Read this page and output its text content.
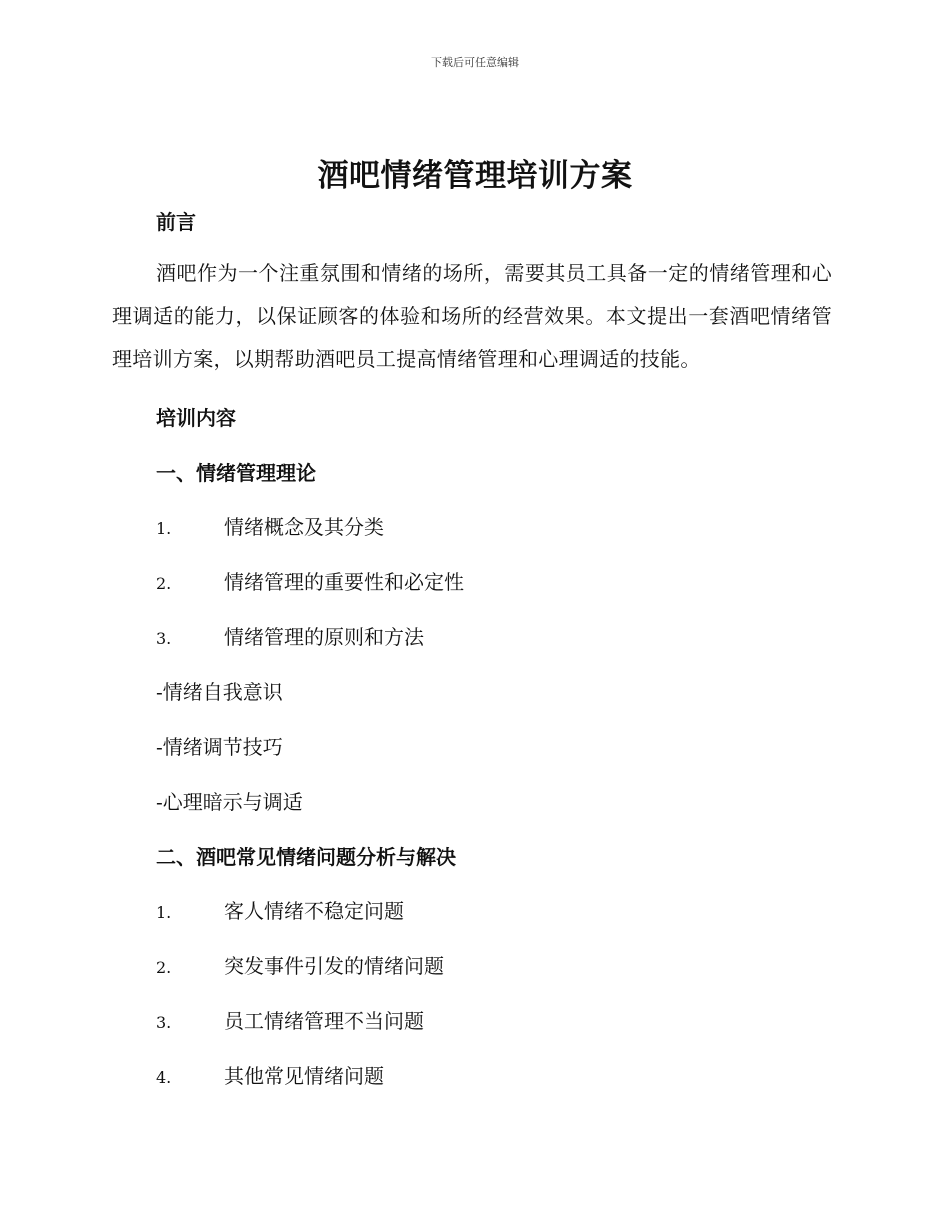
下载后可任意编辑
酒吧情绪管理培训方案
前言
酒吧作为一个注重氛围和情绪的场所，需要其员工具备一定的情绪管理和心理调适的能力，以保证顾客的体验和场所的经营效果。本文提出一套酒吧情绪管理培训方案，以期帮助酒吧员工提高情绪管理和心理调适的技能。
培训内容
一、情绪管理理论
1.	情绪概念及其分类
2.	情绪管理的重要性和必定性
3.	情绪管理的原则和方法
-情绪自我意识
-情绪调节技巧
-心理暗示与调适
二、酒吧常见情绪问题分析与解决
1.	客人情绪不稳定问题
2.	突发事件引发的情绪问题
3.	员工情绪管理不当问题
4.	其他常见情绪问题
